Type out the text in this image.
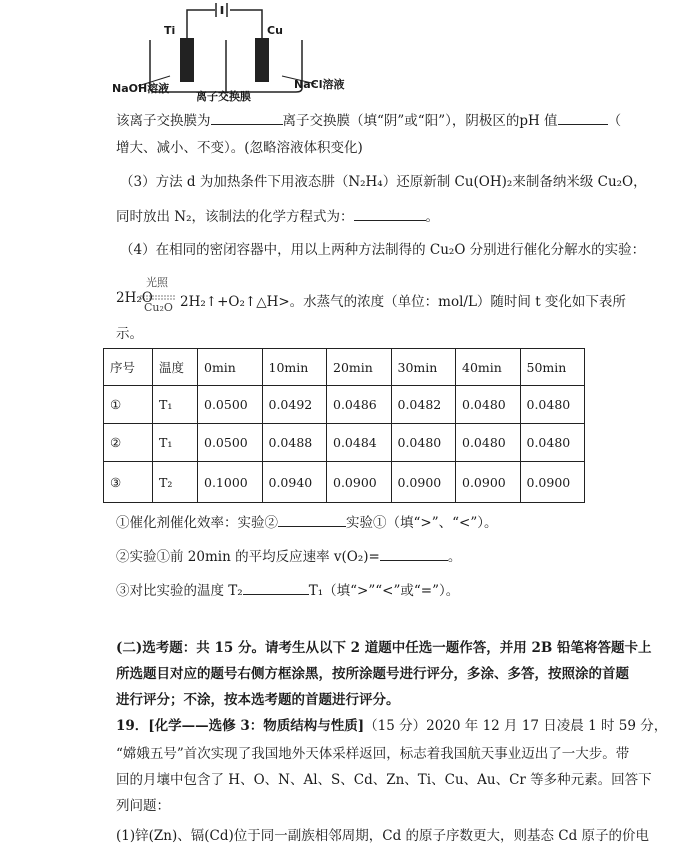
Ti	Cu
NaOH溶液	NaCl溶液
离子交换膜
该离子交换膜为	离子交换膜（填“阴”或“阳”），阴极区的pH 值	（
增大、减小、不变）。(忽略溶液体积变化)
（3）方法 d 为加热条件下用液态肼（N₂H₄）还原新制 Cu(OH)₂来制备纳米级 Cu₂O，
同时放出 N₂，该制法的化学方程式为：	。
（4）在相同的密闭容器中，用以上两种方法制得的 Cu₂O 分别进行催化分解水的实验：
2H₂O
光照
Cu₂O 2H₂↑+O₂↑△H>。水蒸气的浓度（单位：mol/L）随时间 t 变化如下表所
示。
序号	温度	0min	10min	20min	30min	40min	50min
①	T₁	0.0500	0.0492	0.0486	0.0482	0.0480	0.0480
②	T₁	0.0500	0.0488	0.0484	0.0480	0.0480	0.0480
③	T₂	0.1000	0.0940	0.0900	0.0900	0.0900	0.0900
①催化剂催化效率：实验②	实验①（填“>”、“<”）。
②实验①前 20min 的平均反应速率 v(O₂)=	。
③对比实验的温度 T₂	T₁（填“>”“<”或“=”）。
(二)选考题：共 15 分。请考生从以下 2 道题中任选一题作答，并用 2B 铅笔将答题卡上
所选题目对应的题号右侧方框涂黑，按所涂题号进行评分，多涂、多答，按照涂的首题
进行评分；不涂，按本选考题的首题进行评分。
19．[化学——选修 3：物质结构与性质]（15 分）2020 年 12 月 17 日凌晨 1 时 59 分，
“嫦娥五号”首次实现了我国地外天体采样返回，标志着我国航天事业迈出了一大步。带
回的月壤中包含了 H、O、N、Al、S、Cd、Zn、Ti、Cu、Au、Cr 等多种元素。回答下
列问题：
(1)锌(Zn)、镉(Cd)位于同一副族相邻周期，Cd 的原子序数更大，则基态 Cd 原子的价电
